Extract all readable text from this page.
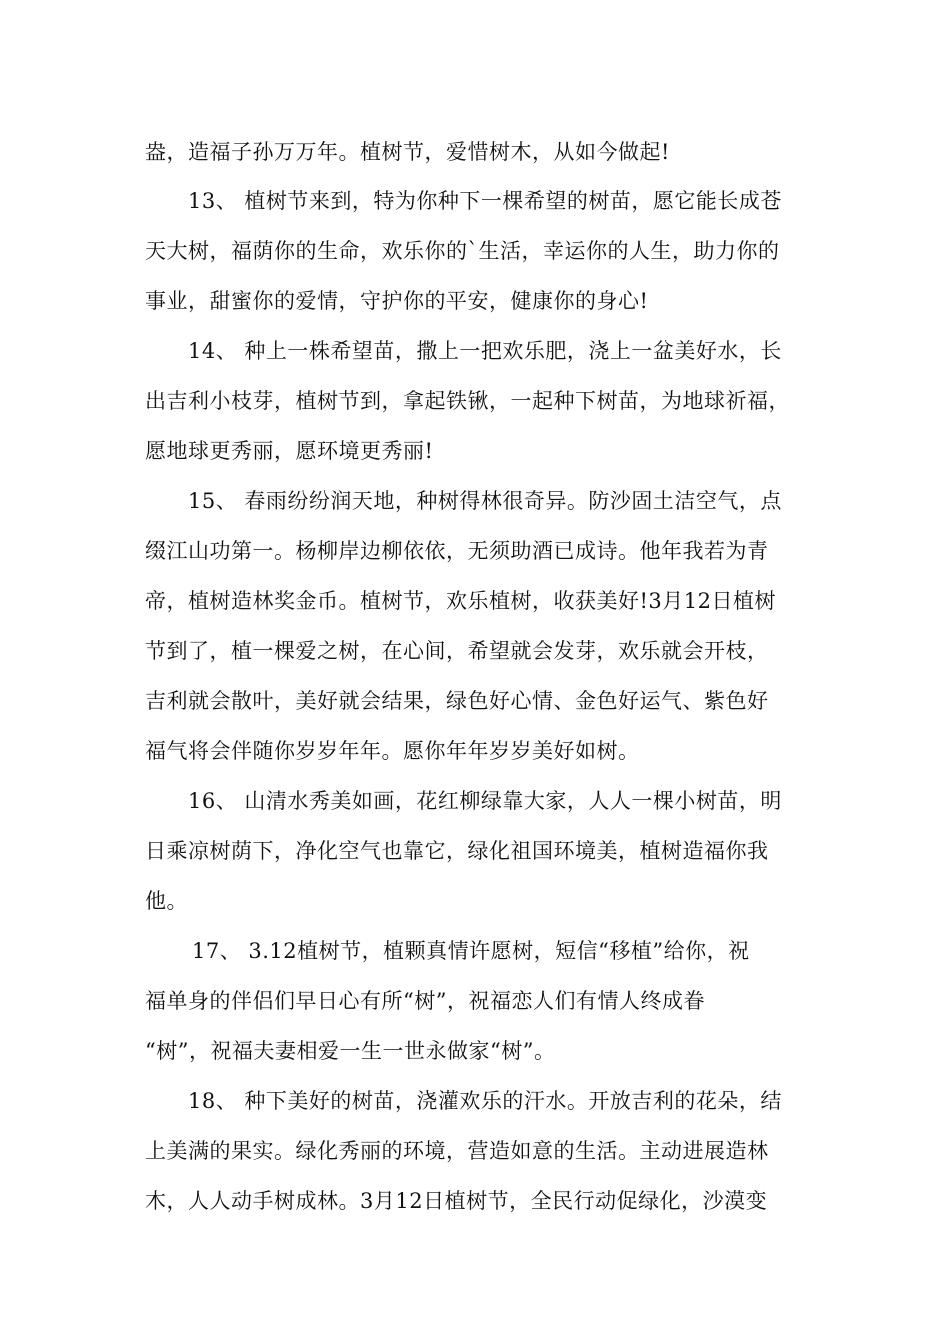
盎，造福子孙万万年。植树节，爱惜树木，从如今做起!
13、 植树节来到，特为你种下一棵希望的树苗，愿它能长成苍
天大树，福荫你的生命，欢乐你的`生活，幸运你的人生，助力你的
事业，甜蜜你的爱情，守护你的平安，健康你的身心!
14、 种上一株希望苗，撒上一把欢乐肥，浇上一盆美好水，长
出吉利小枝芽，植树节到，拿起铁锹，一起种下树苗，为地球祈福，
愿地球更秀丽，愿环境更秀丽!
15、 春雨纷纷润天地，种树得林很奇异。防沙固土洁空气，点
缀江山功第一。杨柳岸边柳依依，无须助酒已成诗。他年我若为青
帝，植树造林奖金币。植树节，欢乐植树，收获美好!3月12日植树
节到了，植一棵爱之树，在心间，希望就会发芽，欢乐就会开枝，
吉利就会散叶，美好就会结果，绿色好心情、金色好运气、紫色好
福气将会伴随你岁岁年年。愿你年年岁岁美好如树。
16、 山清水秀美如画，花红柳绿靠大家，人人一棵小树苗，明
日乘凉树荫下，净化空气也靠它，绿化祖国环境美，植树造福你我
他。
17、 3.12植树节，植颗真情许愿树，短信“移植”给你，祝
福单身的伴侣们早日心有所“树”，祝福恋人们有情人终成眷
“树”，祝福夫妻相爱一生一世永做家“树”。
18、 种下美好的树苗，浇灌欢乐的汗水。开放吉利的花朵，结
上美满的果实。绿化秀丽的环境，营造如意的生活。主动进展造林
木，人人动手树成林。3月12日植树节，全民行动促绿化，沙漠变
